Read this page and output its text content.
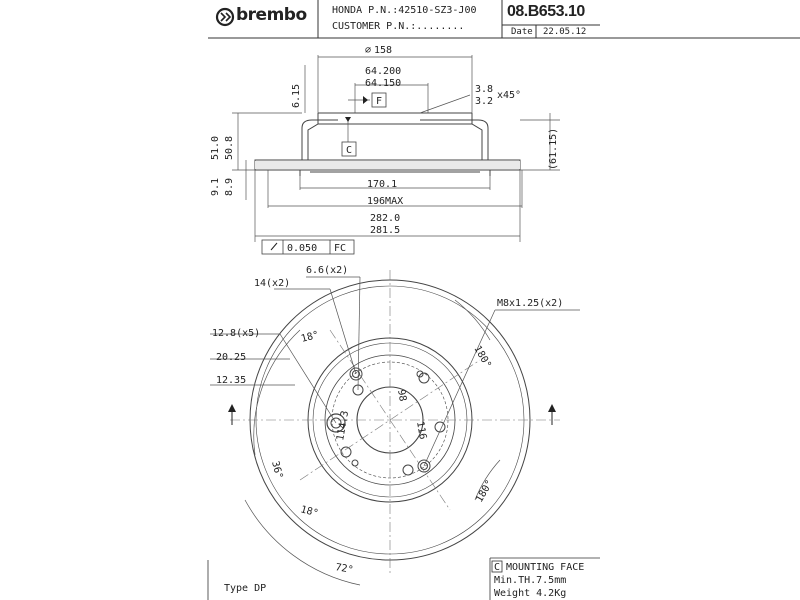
brembo	HONDA P.N.:42510-SZ3-J00
CUSTOMER P.N.:........
08.B653.10
Date 22.05.12
⌀ 158
64.200
64.150
3.8
3.2
x45°
F
C
170.1
196MAX
282.0
281.5
0.050 FC
6.15
51.0 50.8
9.1 8.9
(61.15)
14(x2)
6.6(x2)
M8x1.25(x2)
12.8(x5)
20.25
12.35
18°
18°
180°
180°
36°
72°
98
114.3	116
Type DP
C MOUNTING FACE
Min.TH.7.5mm
Weight 4.2Kg
